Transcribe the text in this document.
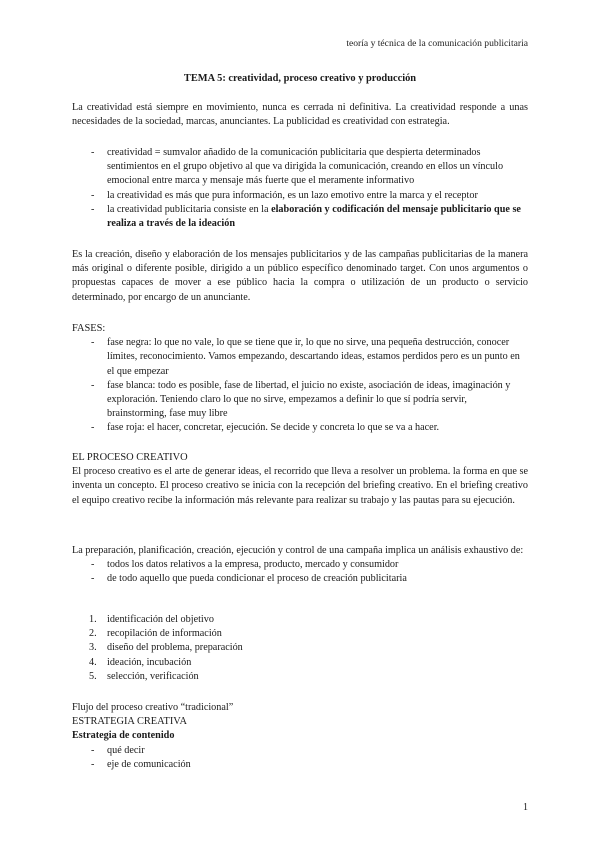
teoría y técnica de la comunicación publicitaria
TEMA 5: creatividad, proceso creativo y producción

La creatividad está siempre en movimiento, nunca es cerrada ni definitiva. La creatividad responde a unas necesidades de la sociedad, marcas, anunciantes. La publicidad es creatividad con estrategia.

- creatividad = sumvalor añadido de la comunicación publicitaria que despierta determinados sentimientos en el grupo objetivo al que va dirigida la comunicación, creando en ellos un vínculo emocional entre marca y mensaje más fuerte que el meramente informativo
- la creatividad es más que pura información, es un lazo emotivo entre la marca y el receptor
- la creatividad publicitaria consiste en la elaboración y codificación del mensaje publicitario que se realiza a través de la ideación

Es la creación, diseño y elaboración de los mensajes publicitarios y de las campañas publicitarias de la manera más original o diferente posible, dirigido a un público específico denominado target. Con unos argumentos o propuestas capaces de mover a ese público hacia la compra o utilización de un producto o servicio determinado, por encargo de un anunciante.

FASES:

- fase negra: lo que no vale, lo que se tiene que ir, lo que no sirve, una pequeña destrucción, conocer límites, reconocimiento. Vamos empezando, descartando ideas, estamos perdidos pero es un punto en el que empezar
- fase blanca: todo es posible, fase de libertad, el juicio no existe, asociación de ideas, imaginación y exploración. Teniendo claro lo que no sirve, empezamos a definir lo que sí podría servir, brainstorming, fase muy libre
- fase roja: el hacer, concretar, ejecución. Se decide y concreta lo que se va a hacer.

EL PROCESO CREATIVO

El proceso creativo es el arte de generar ideas, el recorrido que lleva a resolver un problema. la forma en que se inventa un concepto. El proceso creativo se inicia con la recepción del briefing creativo. En el briefing creativo el equipo creativo recibe la información más relevante para realizar su trabajo y las pautas para su ejecución.

La preparación, planificación, creación, ejecución y control de una campaña implica un análisis exhaustivo de:

- todos los datos relativos a la empresa, producto, mercado y consumidor
- de todo aquello que pueda condicionar el proceso de creación publicitaria
1. identificación del objetivo
2. recopilación de información
3. diseño del problema, preparación
4. ideación, incubación
5. selección, verificación

Flujo del proceso creativo “tradicional”

ESTRATEGIA CREATIVA

Estrategia de contenido

- qué decir
- eje de comunicación
1
